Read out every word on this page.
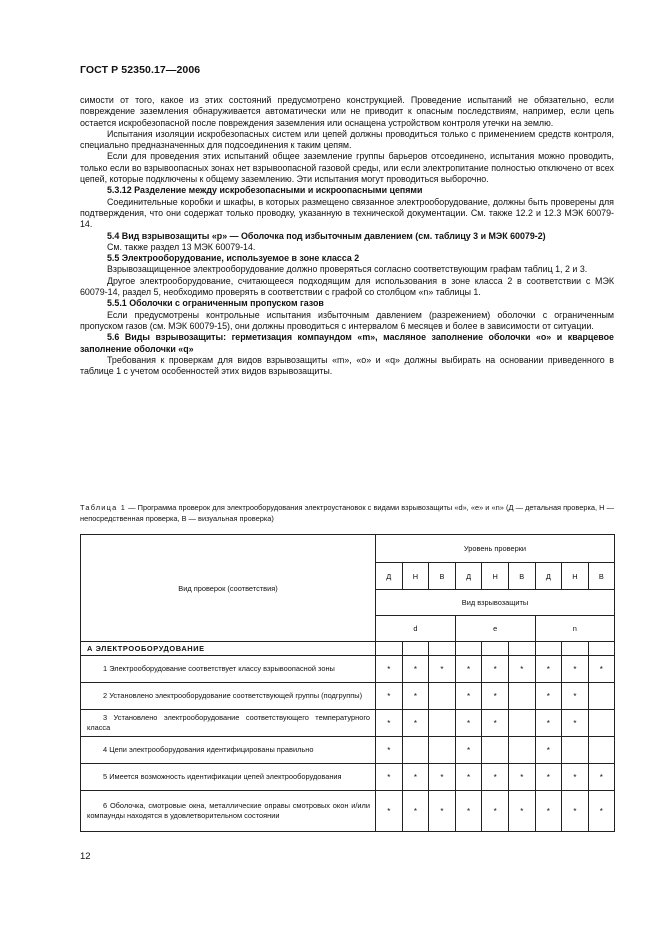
ГОСТ Р 52350.17—2006

симости от того, какое из этих состояний предусмотрено конструкцией. Проведение испытаний не обязательно, если повреждение заземления обнаруживается автоматически или не приводит к опасным последствиям, например, если цепь остается искробезопасной после повреждения заземления или оснащена устройством контроля утечки на землю.

Испытания изоляции искробезопасных систем или цепей должны проводиться только с применением средств контроля, специально предназначенных для подсоединения к таким цепям.

Если для проведения этих испытаний общее заземление группы барьеров отсоединено, испытания можно проводить, только если во взрывоопасных зонах нет взрывоопасной газовой среды, или если электропитание полностью отключено от всех цепей, которые подключены к общему заземлению. Эти испытания могут проводиться выборочно.

5.3.12 Разделение между искробезопасными и искроопасными цепями

Соединительные коробки и шкафы, в которых размещено связанное электрооборудование, должны быть проверены для подтверждения, что они содержат только проводку, указанную в технической документации. См. также 12.2 и 12.3 МЭК 60079-14.

5.4 Вид взрывозащиты «р» — Оболочка под избыточным давлением (см. таблицу 3 и МЭК 60079-2)

См. также раздел 13 МЭК 60079-14.

5.5 Электрооборудование, используемое в зоне класса 2

Взрывозащищенное электрооборудование должно проверяться согласно соответствующим графам таблиц 1, 2 и 3.

Другое электрооборудование, считающееся подходящим для использования в зоне класса 2 в соответствии с МЭК 60079-14, раздел 5, необходимо проверять в соответствии с графой со столбцом «n» таблицы 1.

5.5.1 Оболочки с ограниченным пропуском газов

Если предусмотрены контрольные испытания избыточным давлением (разрежением) оболочки с ограниченным пропуском газов (см. МЭК 60079-15), они должны проводиться с интервалом 6 месяцев и более в зависимости от ситуации.

5.6 Виды взрывозащиты: герметизация компаундом «m», масляное заполнение оболочки «о» и кварцевое заполнение оболочки «q»

Требования к проверкам для видов взрывозащиты «m», «о» и «q» должны выбирать на основании приведенного в таблице 1 с учетом особенностей этих видов взрывозащиты.

Таблица 1 — Программа проверок для электрооборудования электроустановок с видами взрывозащиты «d», «е» и «n» (Д — детальная проверка, Н — непосредственная проверка, В — визуальная проверка)
Вид проверок (соответствия)	Уровень проверки								
	Д	Н	В	Д	Н	В	Д	Н	В
	Вид взрывозащиты								
	d			e			n		
А ЭЛЕКТРООБОРУДОВАНИЕ									
1 Электрооборудование соответствует классу взрывоопасной зоны	*	*	*	*	*	*	*	*	*
2 Установлено электрооборудование соответствующей группы (подгруппы)	*	*		*	*		*	*	
3 Установлено электрооборудование соответствующего температурного класса	*	*		*	*		*	*	
4 Цепи электрооборудования идентифицированы правильно	*			*			*		
5 Имеется возможность идентификации цепей электрооборудования	*	*	*	*	*	*	*	*	*
6 Оболочка, смотровые окна, металлические оправы смотровых окон и/или компаунды находятся в удовлетворительном состоянии	*	*	*	*	*	*	*	*	*
12
